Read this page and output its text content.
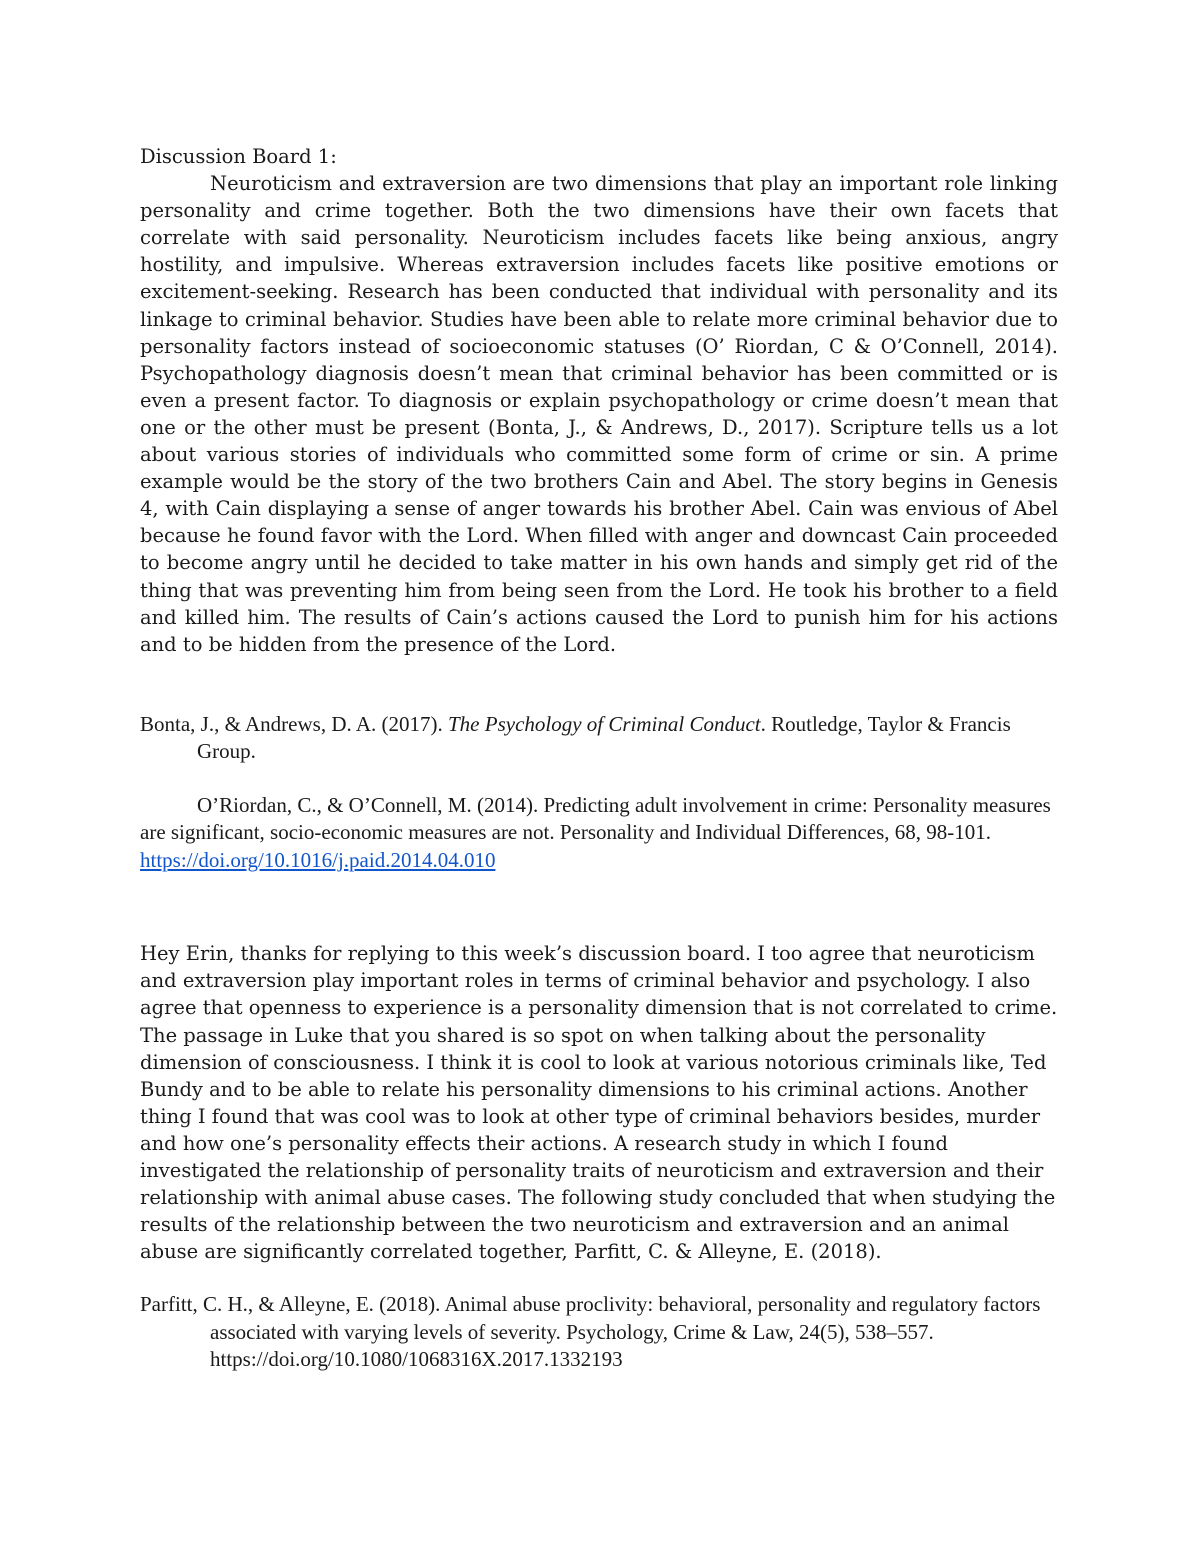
Discussion Board 1:

Neuroticism and extraversion are two dimensions that play an important role linking personality and crime together. Both the two dimensions have their own facets that correlate with said personality. Neuroticism includes facets like being anxious, angry hostility, and impulsive. Whereas extraversion includes facets like positive emotions or excitement-seeking. Research has been conducted that individual with personality and its linkage to criminal behavior. Studies have been able to relate more criminal behavior due to personality factors instead of socioeconomic statuses (O’ Riordan, C & O’Connell, 2014). Psychopathology diagnosis doesn’t mean that criminal behavior has been committed or is even a present factor. To diagnosis or explain psychopathology or crime doesn’t mean that one or the other must be present (Bonta, J., & Andrews, D., 2017). Scripture tells us a lot about various stories of individuals who committed some form of crime or sin. A prime example would be the story of the two brothers Cain and Abel. The story begins in Genesis 4, with Cain displaying a sense of anger towards his brother Abel. Cain was envious of Abel because he found favor with the Lord. When filled with anger and downcast Cain proceeded to become angry until he decided to take matter in his own hands and simply get rid of the thing that was preventing him from being seen from the Lord. He took his brother to a field and killed him. The results of Cain’s actions caused the Lord to punish him for his actions and to be hidden from the presence of the Lord.

Bonta, J., & Andrews, D. A. (2017). The Psychology of Criminal Conduct. Routledge, Taylor & Francis Group.

O’Riordan, C., & O’Connell, M. (2014). Predicting adult involvement in crime: Personality measures are significant, socio-economic measures are not. Personality and Individual Differences, 68, 98-101. https://doi.org/10.1016/j.paid.2014.04.010

Hey Erin, thanks for replying to this week’s discussion board. I too agree that neuroticism and extraversion play important roles in terms of criminal behavior and psychology. I also agree that openness to experience is a personality dimension that is not correlated to crime. The passage in Luke that you shared is so spot on when talking about the personality dimension of consciousness. I think it is cool to look at various notorious criminals like, Ted Bundy and to be able to relate his personality dimensions to his criminal actions. Another thing I found that was cool was to look at other type of criminal behaviors besides, murder and how one’s personality effects their actions. A research study in which I found investigated the relationship of personality traits of neuroticism and extraversion and their relationship with animal abuse cases. The following study concluded that when studying the results of the relationship between the two neuroticism and extraversion and an animal abuse are significantly correlated together, Parfitt, C. & Alleyne, E. (2018).

Parfitt, C. H., & Alleyne, E. (2018). Animal abuse proclivity: behavioral, personality and regulatory factors associated with varying levels of severity. Psychology, Crime & Law, 24(5), 538–557. https://doi.org/10.1080/1068316X.2017.1332193
